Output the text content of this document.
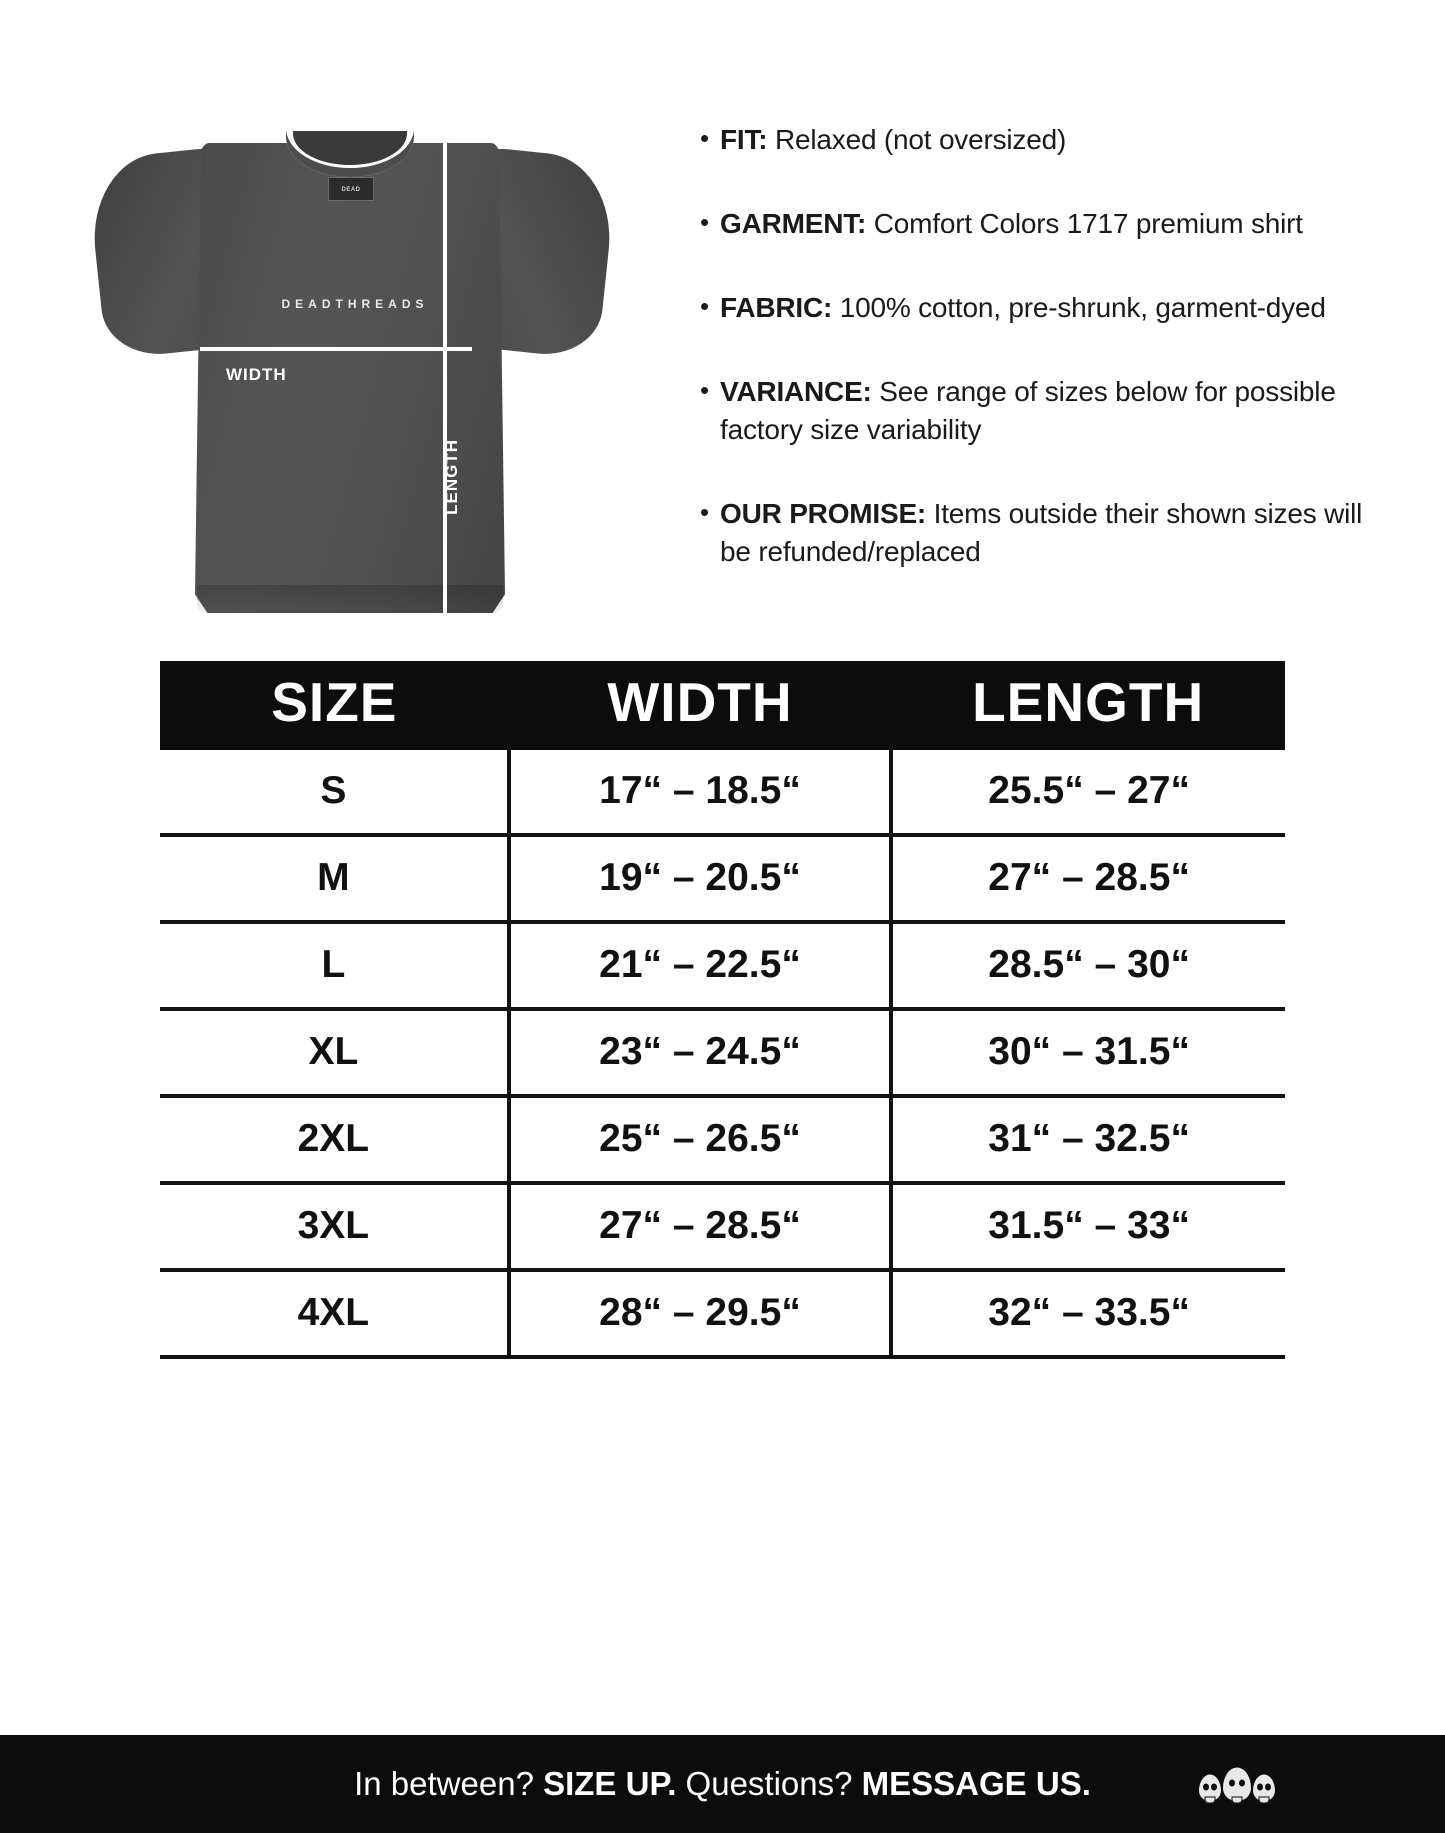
DEAD
DEADTHREADS
WIDTH
LENGTH
• FIT: Relaxed (not oversized)
• GARMENT: Comfort Colors 1717 premium shirt
• FABRIC: 100% cotton, pre-shrunk, garment-dyed
• VARIANCE: See range of sizes below for possible factory size variability
• OUR PROMISE: Items outside their shown sizes will be refunded/replaced
SIZE	WIDTH	LENGTH
S	17“ – 18.5“	25.5“ – 27“
M	19“ – 20.5“	27“ – 28.5“
L	21“ – 22.5“	28.5“ – 30“
XL	23“ – 24.5“	30“ – 31.5“
2XL	25“ – 26.5“	31“ – 32.5“
3XL	27“ – 28.5“	31.5“ – 33“
4XL	28“ – 29.5“	32“ – 33.5“
In between? SIZE UP. Questions? MESSAGE US.
